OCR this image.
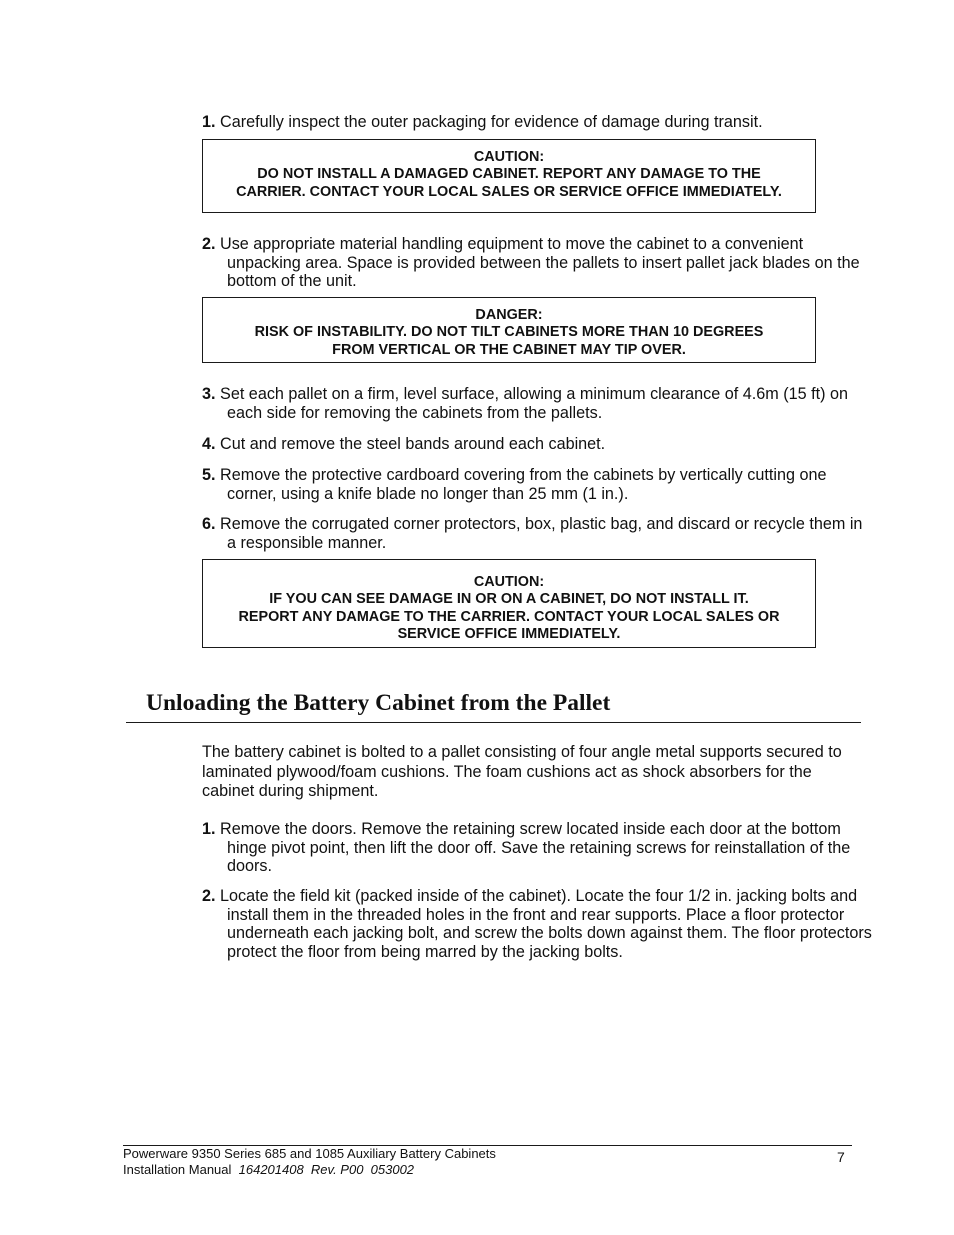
1. Carefully inspect the outer packaging for evidence of damage during transit.
CAUTION:
DO NOT INSTALL A DAMAGED CABINET. REPORT ANY DAMAGE TO THE
CARRIER. CONTACT YOUR LOCAL SALES OR SERVICE OFFICE IMMEDIATELY.
2. Use appropriate material handling equipment to move the cabinet to a convenient unpacking area. Space is provided between the pallets to insert pallet jack blades on the bottom of the unit.
DANGER:
RISK OF INSTABILITY. DO NOT TILT CABINETS MORE THAN 10 DEGREES
FROM VERTICAL OR THE CABINET MAY TIP OVER.
3. Set each pallet on a firm, level surface, allowing a minimum clearance of 4.6m (15 ft) on each side for removing the cabinets from the pallets.
4. Cut and remove the steel bands around each cabinet.
5. Remove the protective cardboard covering from the cabinets by vertically cutting one corner, using a knife blade no longer than 25 mm (1 in.).
6. Remove the corrugated corner protectors, box, plastic bag, and discard or recycle them in a responsible manner.
CAUTION:
IF YOU CAN SEE DAMAGE IN OR ON A CABINET, DO NOT INSTALL IT.
REPORT ANY DAMAGE TO THE CARRIER. CONTACT YOUR LOCAL SALES OR
SERVICE OFFICE IMMEDIATELY.
Unloading the Battery Cabinet from the Pallet
The battery cabinet is bolted to a pallet consisting of four angle metal supports secured to laminated plywood/foam cushions. The foam cushions act as shock absorbers for the cabinet during shipment.
1. Remove the doors. Remove the retaining screw located inside each door at the bottom hinge pivot point, then lift the door off. Save the retaining screws for reinstallation of the doors.
2. Locate the field kit (packed inside of the cabinet). Locate the four 1/2 in. jacking bolts and install them in the threaded holes in the front and rear supports. Place a floor protector underneath each jacking bolt, and screw the bolts down against them. The floor protectors protect the floor from being marred by the jacking bolts.
Powerware 9350 Series 685 and 1085 Auxiliary Battery Cabinets
Installation Manual  164201408  Rev. P00  053002
7
